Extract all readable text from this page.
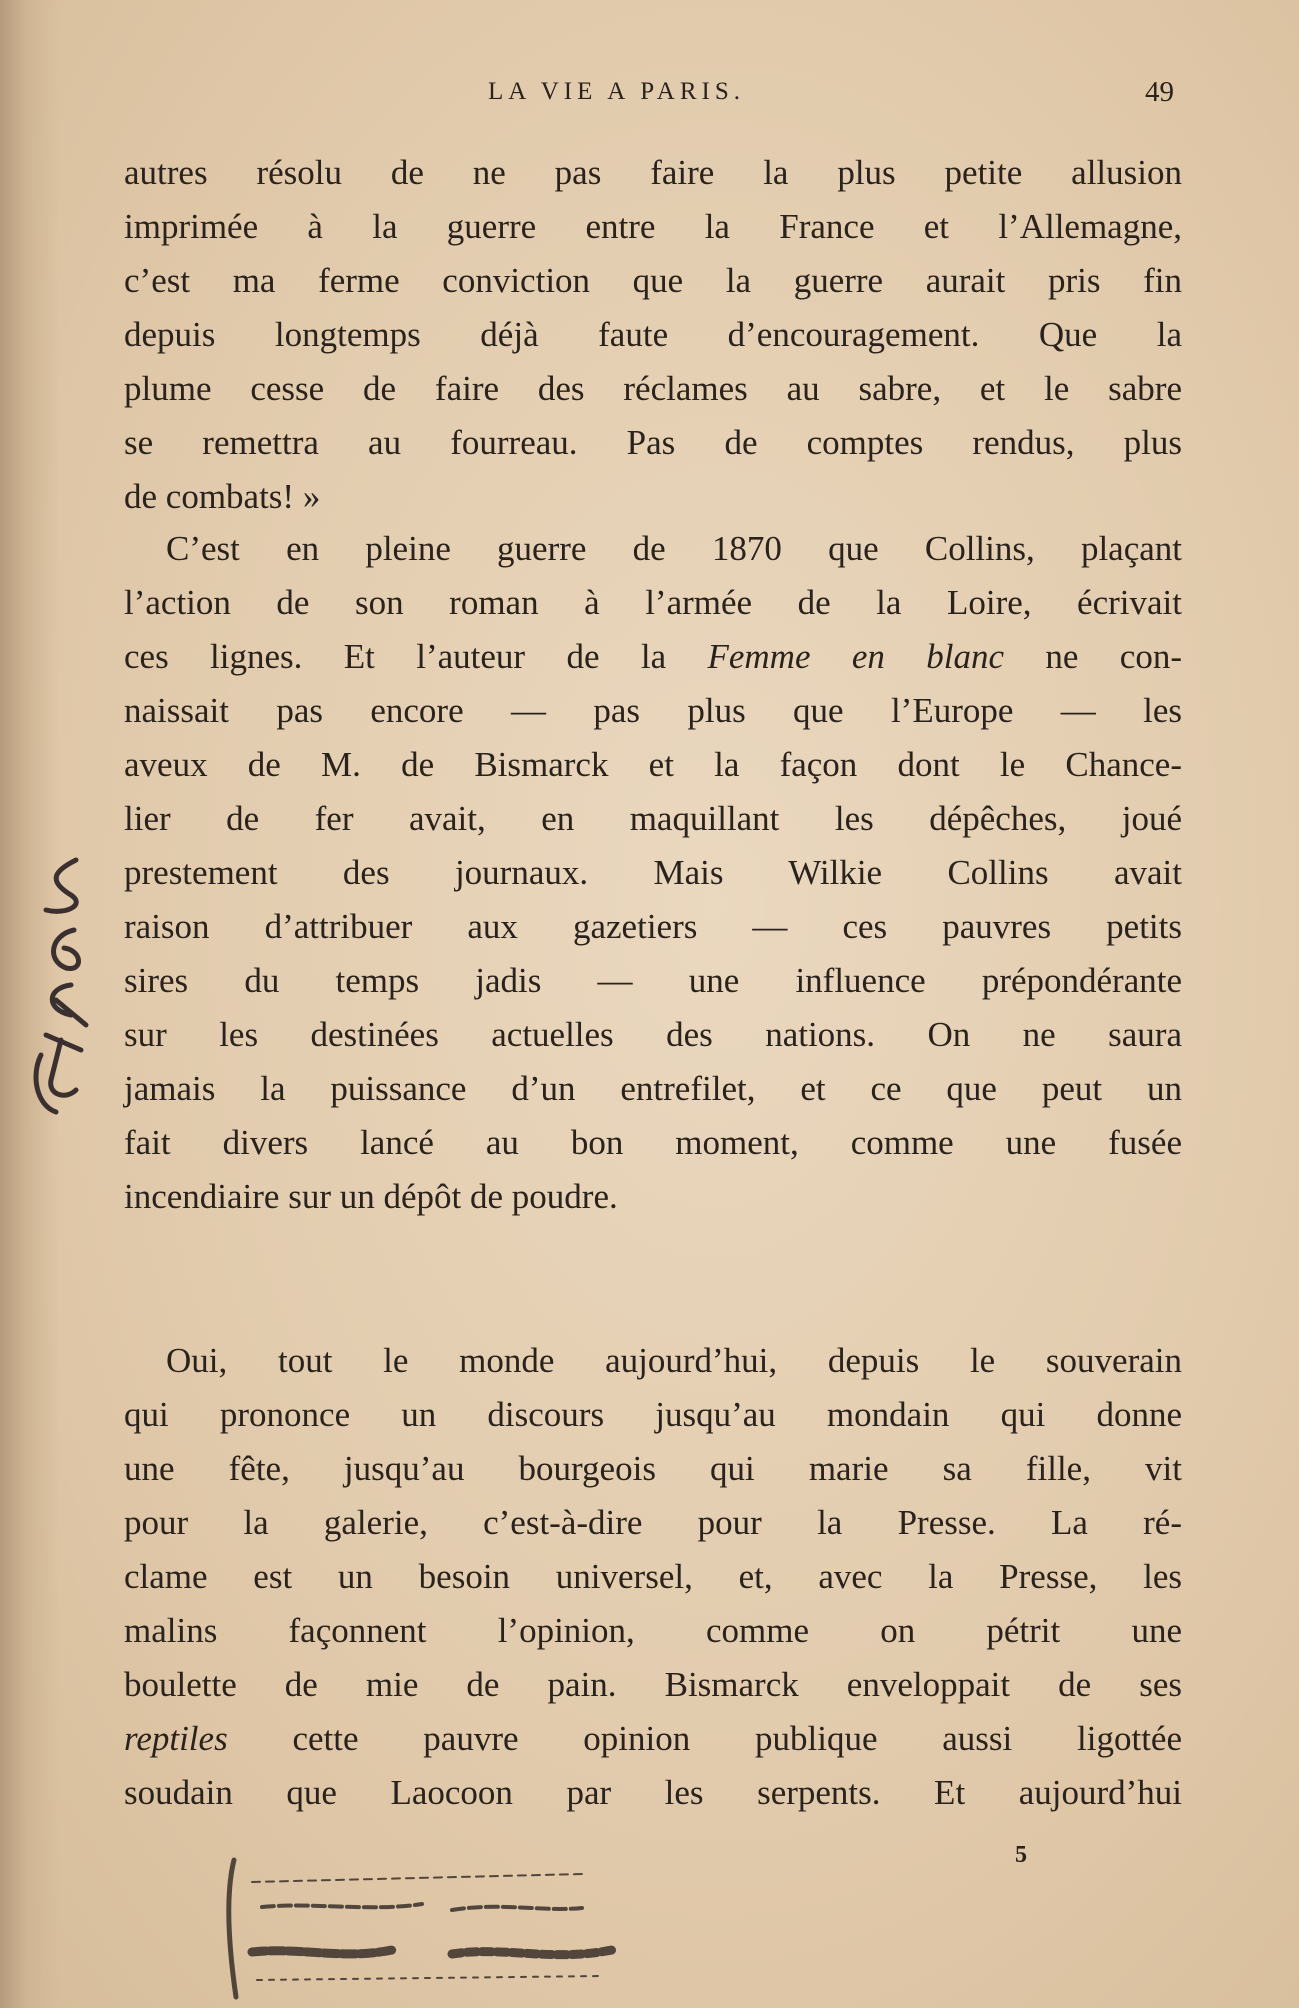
LA VIE A PARIS.	49
autres résolu de ne pas faire la plus petite allusion
imprimée à la guerre entre la France et l’Allemagne,
c’est ma ferme conviction que la guerre aurait pris fin
depuis longtemps déjà faute d’encouragement. Que la
plume cesse de faire des réclames au sabre, et le sabre
se remettra au fourreau. Pas de comptes rendus, plus
de combats! »
C’est en pleine guerre de 1870 que Collins, plaçant
l’action de son roman à l’armée de la Loire, écrivait
ces lignes. Et l’auteur de la Femme en blanc ne con-
naissait pas encore — pas plus que l’Europe — les
aveux de M. de Bismarck et la façon dont le Chance-
lier de fer avait, en maquillant les dépêches, joué
prestement des journaux. Mais Wilkie Collins avait
raison d’attribuer aux gazetiers — ces pauvres petits
sires du temps jadis — une influence prépondérante
sur les destinées actuelles des nations. On ne saura
jamais la puissance d’un entrefilet, et ce que peut un
fait divers lancé au bon moment, comme une fusée
incendiaire sur un dépôt de poudre.
Oui, tout le monde aujourd’hui, depuis le souverain
qui prononce un discours jusqu’au mondain qui donne
une fête, jusqu’au bourgeois qui marie sa fille, vit
pour la galerie, c’est-à-dire pour la Presse. La ré-
clame est un besoin universel, et, avec la Presse, les
malins façonnent l’opinion, comme on pétrit une
boulette de mie de pain. Bismarck enveloppait de ses
reptiles cette pauvre opinion publique aussi ligottée
soudain que Laocoon par les serpents. Et aujourd’hui
5
